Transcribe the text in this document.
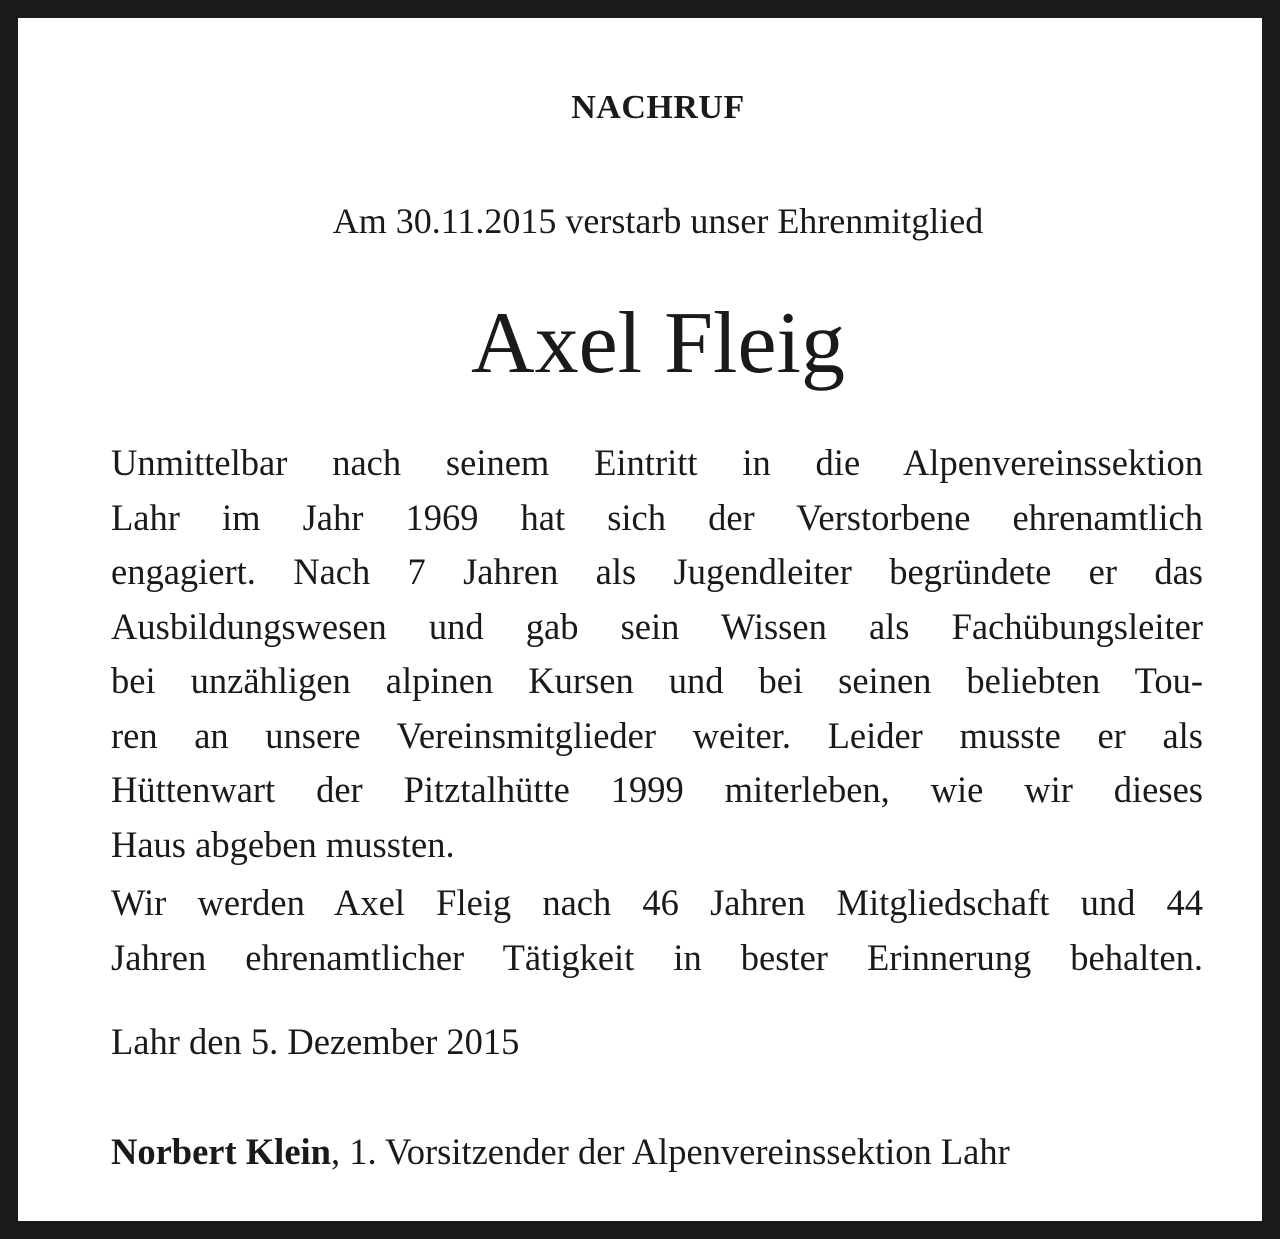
NACHRUF
Am 30.11.2015 verstarb unser Ehrenmitglied
Axel Fleig
Unmittelbar nach seinem Eintritt in die Alpenvereinssektion
Lahr im Jahr 1969 hat sich der Verstorbene ehrenamtlich
engagiert. Nach 7 Jahren als Jugendleiter begründete er das
Ausbildungswesen und gab sein Wissen als Fachübungsleiter
bei unzähligen alpinen Kursen und bei seinen beliebten Tou-
ren an unsere Vereinsmitglieder weiter. Leider musste er als
Hüttenwart der Pitztalhütte 1999 miterleben, wie wir dieses
Haus abgeben mussten.
Wir werden Axel Fleig nach 46 Jahren Mitgliedschaft und 44
Jahren ehrenamtlicher Tätigkeit in bester Erinnerung behalten.
Lahr den 5. Dezember 2015
Norbert Klein, 1. Vorsitzender der Alpenvereinssektion Lahr
